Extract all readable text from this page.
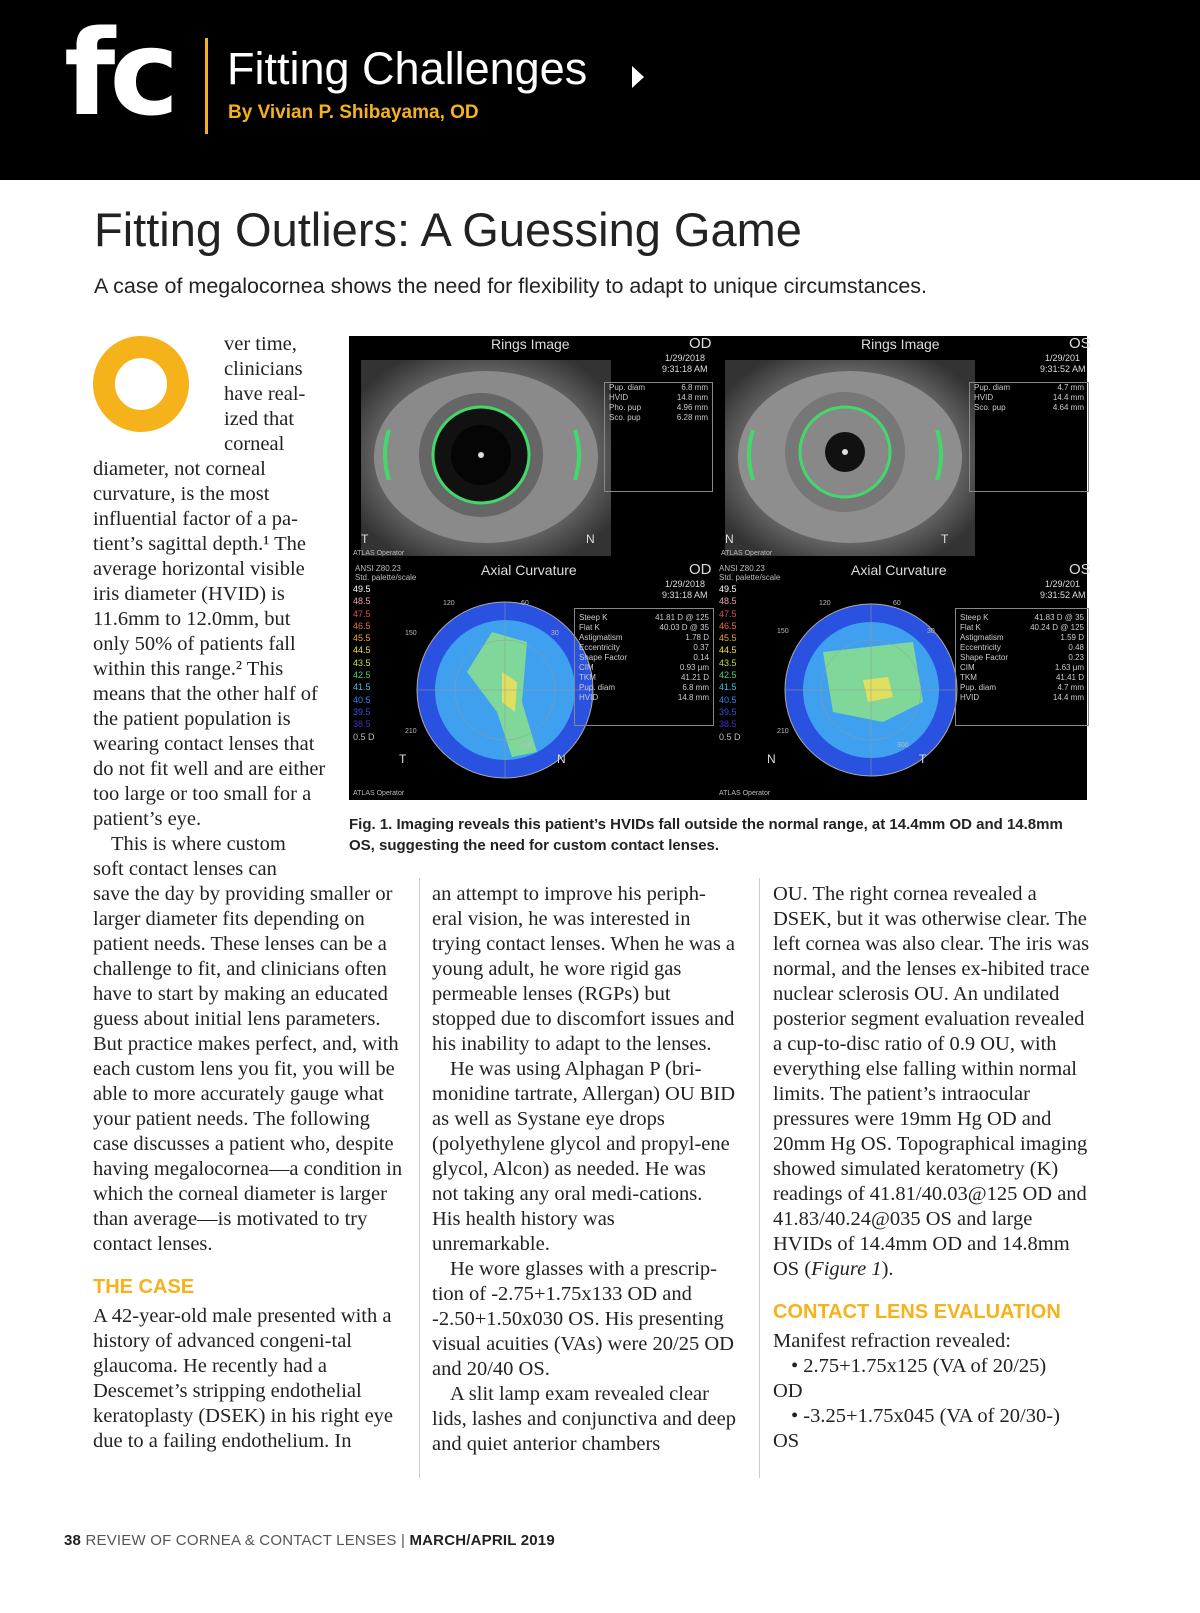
fc Fitting Challenges
By Vivian P. Shibayama, OD
Fitting Outliers: A Guessing Game
A case of megalocornea shows the need for flexibility to adapt to unique circumstances.
Rings Image	OD
1/29/2018
9:31:18 AM
Pup. diam	6.8 mm
HVID	14.8 mm
Pho. pup	4.96 mm
Sco. pup	6.28 mm
T	N
ATLAS Operator
Rings Image	OS
1/29/201
9:31:52 AM
Pup. diam	4.7 mm
HVID	14.4 mm
Sco. pup	4.64 mm
N	T
ATLAS Operator
ANSI Z80.23
Std. palette/scale	Axial Curvature	OD
1/29/2018
9:31:18 AM
49.5
48.5
47.5
46.5
45.5
44.5
43.5
42.5
41.5
40.5
39.5
38.5
0.5 D
120	60
150	30
210
300
Steep K	41.81 D @ 125
Flat K	40.03 D @ 35
Astigmatism	1.78 D
Eccentricity	0.37
Shape Factor	0.14
CIM	0.93 µm
TKM	41.21 D
Pup. diam	6.8 mm
HVID	14.8 mm
T	N
ATLAS Operator
ANSI Z80.23
Std. palette/scale	Axial Curvature	OS
1/29/201
9:31:52 AM
49.5
48.5
47.5
46.5
45.5
44.5
43.5
42.5
41.5
40.5
39.5
38.5
0.5 D
120	60
150	30
210
300
Steep K	41.83 D @ 35
Flat K	40.24 D @ 125
Astigmatism	1.59 D
Eccentricity	0.48
Shape Factor	0.23
CIM	1.63 µm
TKM	41.41 D
Pup. diam	4.7 mm
HVID	14.4 mm
N	T
ATLAS Operator
Fig. 1. Imaging reveals this patient’s HVIDs fall outside the normal range, at 14.4mm OD and 14.8mm OS, suggesting the need for custom contact lenses.
O	ver time,

clinicians

have real-

ized that

corneal

diameter, not corneal curvature, is the most influential factor of a pa-tient’s sagittal depth.¹ The average horizontal visible iris diameter (HVID) is 11.6mm to 12.0mm, but only 50% of patients fall within this range.² This means that the other half of the patient population is wearing contact lenses that do not fit well and are either too large or too small for a patient’s eye.

This is where custom

soft contact lenses can

save the day by providing smaller or larger diameter fits depending on patient needs. These lenses can be a challenge to fit, and clinicians often have to start by making an educated guess about initial lens parameters. But practice makes perfect, and, with each custom lens you fit, you will be able to more accurately gauge what your patient needs. The following case discusses a patient who, despite having megalocornea—a condition in which the corneal diameter is larger than average—is motivated to try contact lenses.

THE CASE

A 42-year-old male presented with a history of advanced congeni-tal glaucoma. He recently had a Descemet’s stripping endothelial keratoplasty (DSEK) in his right eye due to a failing endothelium. In

an attempt to improve his periph-eral vision, he was interested in trying contact lenses. When he was a young adult, he wore rigid gas permeable lenses (RGPs) but stopped due to discomfort issues and his inability to adapt to the lenses.

He was using Alphagan P (bri-monidine tartrate, Allergan) OU BID as well as Systane eye drops (polyethylene glycol and propyl-ene glycol, Alcon) as needed. He was not taking any oral medi-cations. His health history was unremarkable.

He wore glasses with a prescrip-tion of -2.75+1.75x133 OD and -2.50+1.50x030 OS. His presenting visual acuities (VAs) were 20/25 OD and 20/40 OS.

A slit lamp exam revealed clear lids, lashes and conjunctiva and deep and quiet anterior chambers

OU. The right cornea revealed a DSEK, but it was otherwise clear. The left cornea was also clear. The iris was normal, and the lenses ex-hibited trace nuclear sclerosis OU. An undilated posterior segment evaluation revealed a cup-to-disc ratio of 0.9 OU, with everything else falling within normal limits. The patient’s intraocular pressures were 19mm Hg OD and 20mm Hg OS. Topographical imaging showed simulated keratometry (K) readings of 41.81/40.03@125 OD and 41.83/40.24@035 OS and large HVIDs of 14.4mm OD and 14.8mm OS (Figure 1).

CONTACT LENS EVALUATION

Manifest refraction revealed:

• 2.75+1.75x125 (VA of 20/25)

OD

• -3.25+1.75x045 (VA of 20/30-)

OS

38 REVIEW OF CORNEA & CONTACT LENSES | MARCH/APRIL 2019
